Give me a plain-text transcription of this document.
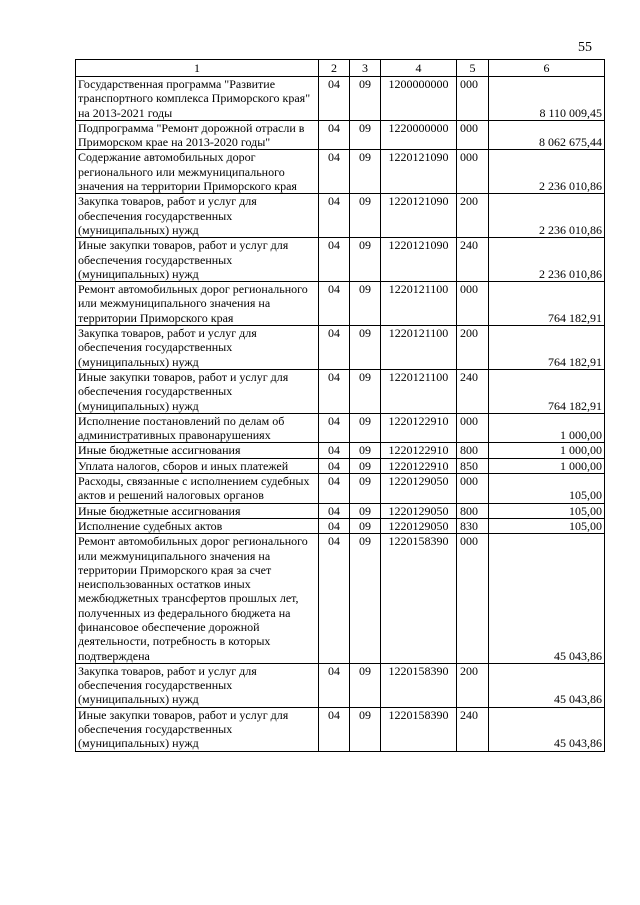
55
1	2	3	4	5	6
Государственная программа "Развитие транспортного комплекса Приморского края" на 2013-2021 годы	04	09	1200000000	000	8 110 009,45
Подпрограмма "Ремонт дорожной отрасли в Приморском крае на 2013-2020 годы"	04	09	1220000000	000	8 062 675,44
Содержание автомобильных дорог регионального или межмуниципального значения на территории Приморского края	04	09	1220121090	000	2 236 010,86
Закупка товаров, работ и услуг для обеспечения государственных (муниципальных) нужд	04	09	1220121090	200	2 236 010,86
Иные закупки товаров, работ и услуг для обеспечения государственных (муниципальных) нужд	04	09	1220121090	240	2 236 010,86
Ремонт автомобильных дорог регионального или межмуниципального значения на территории Приморского края	04	09	1220121100	000	764 182,91
Закупка товаров, работ и услуг для обеспечения государственных (муниципальных) нужд	04	09	1220121100	200	764 182,91
Иные закупки товаров, работ и услуг для обеспечения государственных (муниципальных) нужд	04	09	1220121100	240	764 182,91
Исполнение постановлений по делам об административных правонарушениях	04	09	1220122910	000	1 000,00
Иные бюджетные ассигнования	04	09	1220122910	800	1 000,00
Уплата налогов, сборов и иных платежей	04	09	1220122910	850	1 000,00
Расходы, связанные с исполнением судебных актов и решений налоговых органов	04	09	1220129050	000	105,00
Иные бюджетные ассигнования	04	09	1220129050	800	105,00
Исполнение судебных актов	04	09	1220129050	830	105,00
Ремонт автомобильных дорог регионального или межмуниципального значения на территории Приморского края за счет неиспользованных остатков иных межбюджетных трансфертов прошлых лет, полученных из федерального бюджета на финансовое обеспечение дорожной деятельности, потребность в которых подтверждена	04	09	1220158390	000	45 043,86
Закупка товаров, работ и услуг для обеспечения государственных (муниципальных) нужд	04	09	1220158390	200	45 043,86
Иные закупки товаров, работ и услуг для обеспечения государственных (муниципальных) нужд	04	09	1220158390	240	45 043,86
